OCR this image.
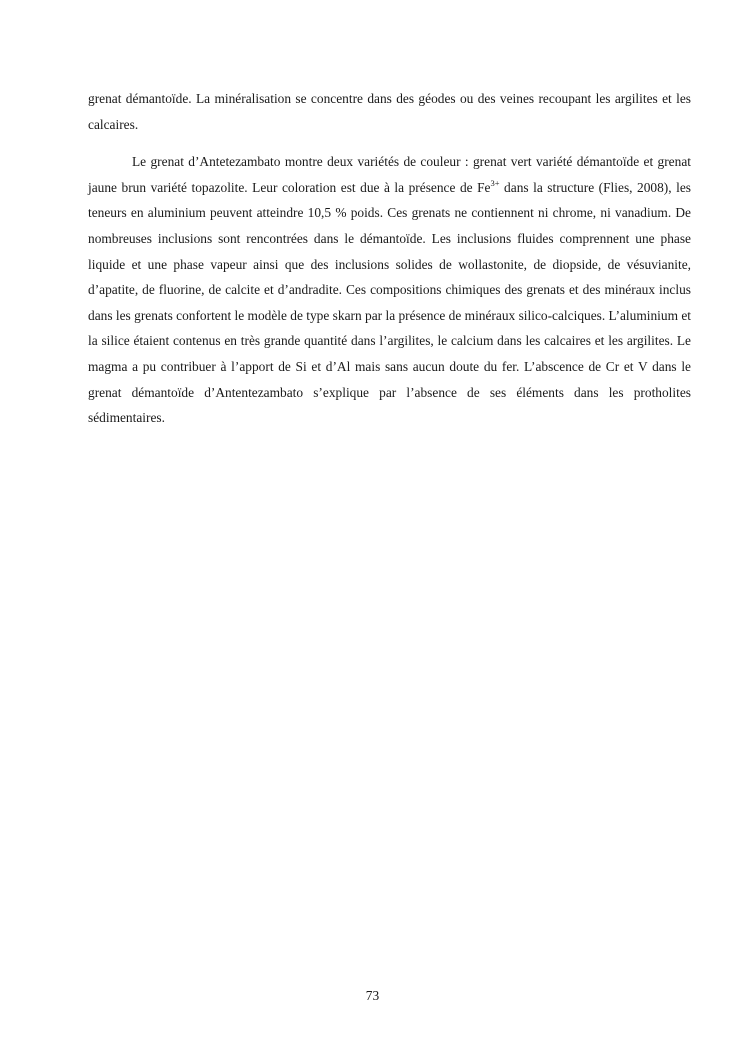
grenat démantoïde. La minéralisation se concentre dans des géodes ou des veines recoupant les argilites et les calcaires.

Le grenat d’Antetezambato montre deux variétés de couleur : grenat vert variété démantoïde et grenat jaune brun variété topazolite. Leur coloration est due à la présence de $Fe^{3+}$ dans la structure (Flies, 2008), les teneurs en aluminium peuvent atteindre 10,5 % poids. Ces grenats ne contiennent ni chrome, ni vanadium. De nombreuses inclusions sont rencontrées dans le démantoïde. Les inclusions fluides comprennent une phase liquide et une phase vapeur ainsi que des inclusions solides de wollastonite, de diopside, de vésuvianite, d’apatite, de fluorine, de calcite et d’andradite. Ces compositions chimiques des grenats et des minéraux inclus dans les grenats confortent le modèle de type skarn par la présence de minéraux silico-calciques. L’aluminium et la silice étaient contenus en très grande quantité dans l’argilites, le calcium dans les calcaires et les argilites. Le magma a pu contribuer à l’apport de Si et d’Al mais sans aucun doute du fer. L’abscence de Cr et V dans le grenat démantoïde d’Antentezambato s’explique par l’absence de ses éléments dans les protholites sédimentaires.

73
